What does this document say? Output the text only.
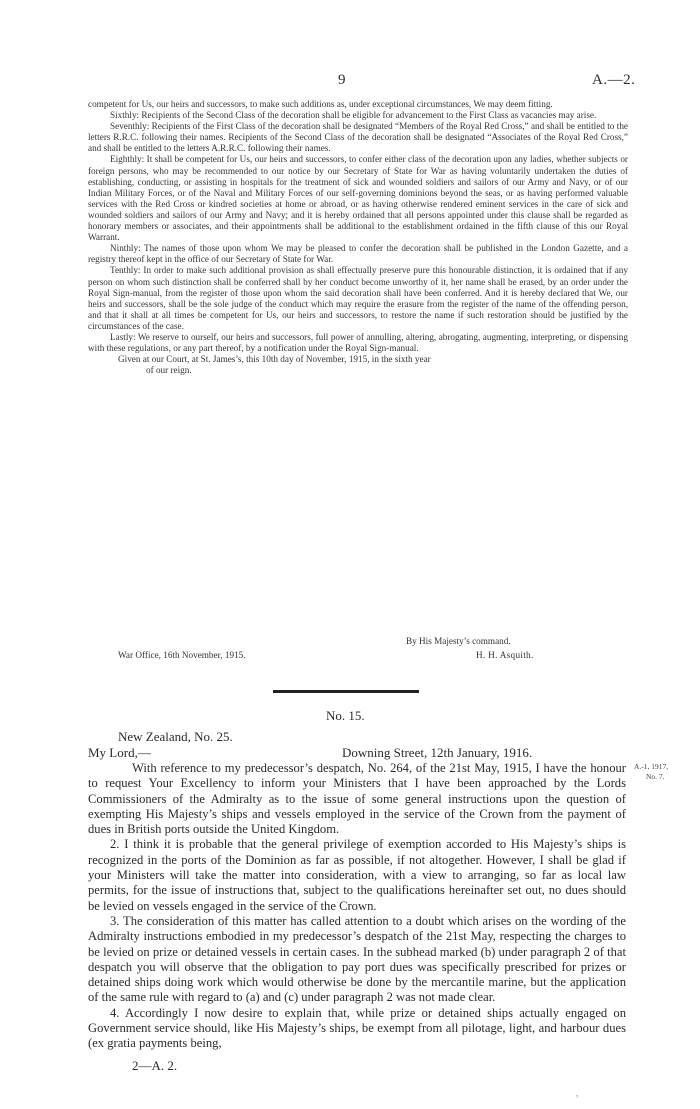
9	A.—2.

competent for Us, our heirs and successors, to make such additions as, under exceptional circumstances, We may deem fitting.

Sixthly: Recipients of the Second Class of the decoration shall be eligible for advancement to the First Class as vacancies may arise.

Seventhly: Recipients of the First Class of the decoration shall be designated “Members of the Royal Red Cross,” and shall be entitled to the letters R.R.C. following their names. Recipients of the Second Class of the decoration shall be designated “Associates of the Royal Red Cross,” and shall be entitled to the letters A.R.R.C. following their names.

Eighthly: It shall be competent for Us, our heirs and successors, to confer either class of the decoration upon any ladies, whether subjects or foreign persons, who may be recommended to our notice by our Secretary of State for War as having voluntarily undertaken the duties of establishing, conducting, or assisting in hospitals for the treatment of sick and wounded soldiers and sailors of our Army and Navy, or of our Indian Military Forces, or of the Naval and Military Forces of our self-governing dominions beyond the seas, or as having performed valuable services with the Red Cross or kindred societies at home or abroad, or as having otherwise rendered eminent services in the care of sick and wounded soldiers and sailors of our Army and Navy; and it is hereby ordained that all persons appointed under this clause shall be regarded as honorary members or associates, and their appointments shall be additional to the establishment ordained in the fifth clause of this our Royal Warrant.

Ninthly: The names of those upon whom We may be pleased to confer the decoration shall be published in the London Gazette, and a registry thereof kept in the office of our Secretary of State for War.

Tenthly: In order to make such additional provision as shall effectually preserve pure this honourable distinction, it is ordained that if any person on whom such distinction shall be conferred shall by her conduct become unworthy of it, her name shall be erased, by an order under the Royal Sign-manual, from the register of those upon whom the said decoration shall have been conferred. And it is hereby declared that We, our heirs and successors, shall be the sole judge of the conduct which may require the erasure from the register of the name of the offending person, and that it shall at all times be competent for Us, our heirs and successors, to restore the name if such restoration should be justified by the circumstances of the case.

Lastly: We reserve to ourself, our heirs and successors, full power of annulling, altering, abrogating, augmenting, interpreting, or dispensing with these regulations, or any part thereof, by a notification under the Royal Sign-manual.

Given at our Court, at St. James’s, this 10th day of November, 1915, in the sixth year
of our reign.

By His Majesty’s command.
War Office, 16th November, 1915.	H. H. Asquith.
No. 15.
New Zealand, No. 25.
My Lord,—	Downing Street, 12th January, 1916.

With reference to my predecessor’s despatch, No. 264, of the 21st May, 1915, I have the honour to request Your Excellency to inform your Ministers that I have been approached by the Lords Commissioners of the Admiralty as to the issue of some general instructions upon the question of exempting His Majesty’s ships and vessels employed in the service of the Crown from the payment of dues in British ports outside the United Kingdom.

2. I think it is probable that the general privilege of exemption accorded to His Majesty’s ships is recognized in the ports of the Dominion as far as possible, if not altogether. However, I shall be glad if your Ministers will take the matter into consideration, with a view to arranging, so far as local law permits, for the issue of instructions that, subject to the qualifications hereinafter set out, no dues should be levied on vessels engaged in the service of the Crown.

3. The consideration of this matter has called attention to a doubt which arises on the wording of the Admiralty instructions embodied in my predecessor’s despatch of the 21st May, respecting the charges to be levied on prize or detained vessels in certain cases. In the subhead marked (b) under paragraph 2 of that despatch you will observe that the obligation to pay port dues was specifically prescribed for prizes or detained ships doing work which would otherwise be done by the mercantile marine, but the application of the same rule with regard to (a) and (c) under paragraph 2 was not made clear.

4. Accordingly I now desire to explain that, while prize or detained ships actually engaged on Government service should, like His Majesty’s ships, be exempt from all pilotage, light, and harbour dues (ex gratia payments being,

A.-1, 1917,
No. 7.
2—A. 2.
,
